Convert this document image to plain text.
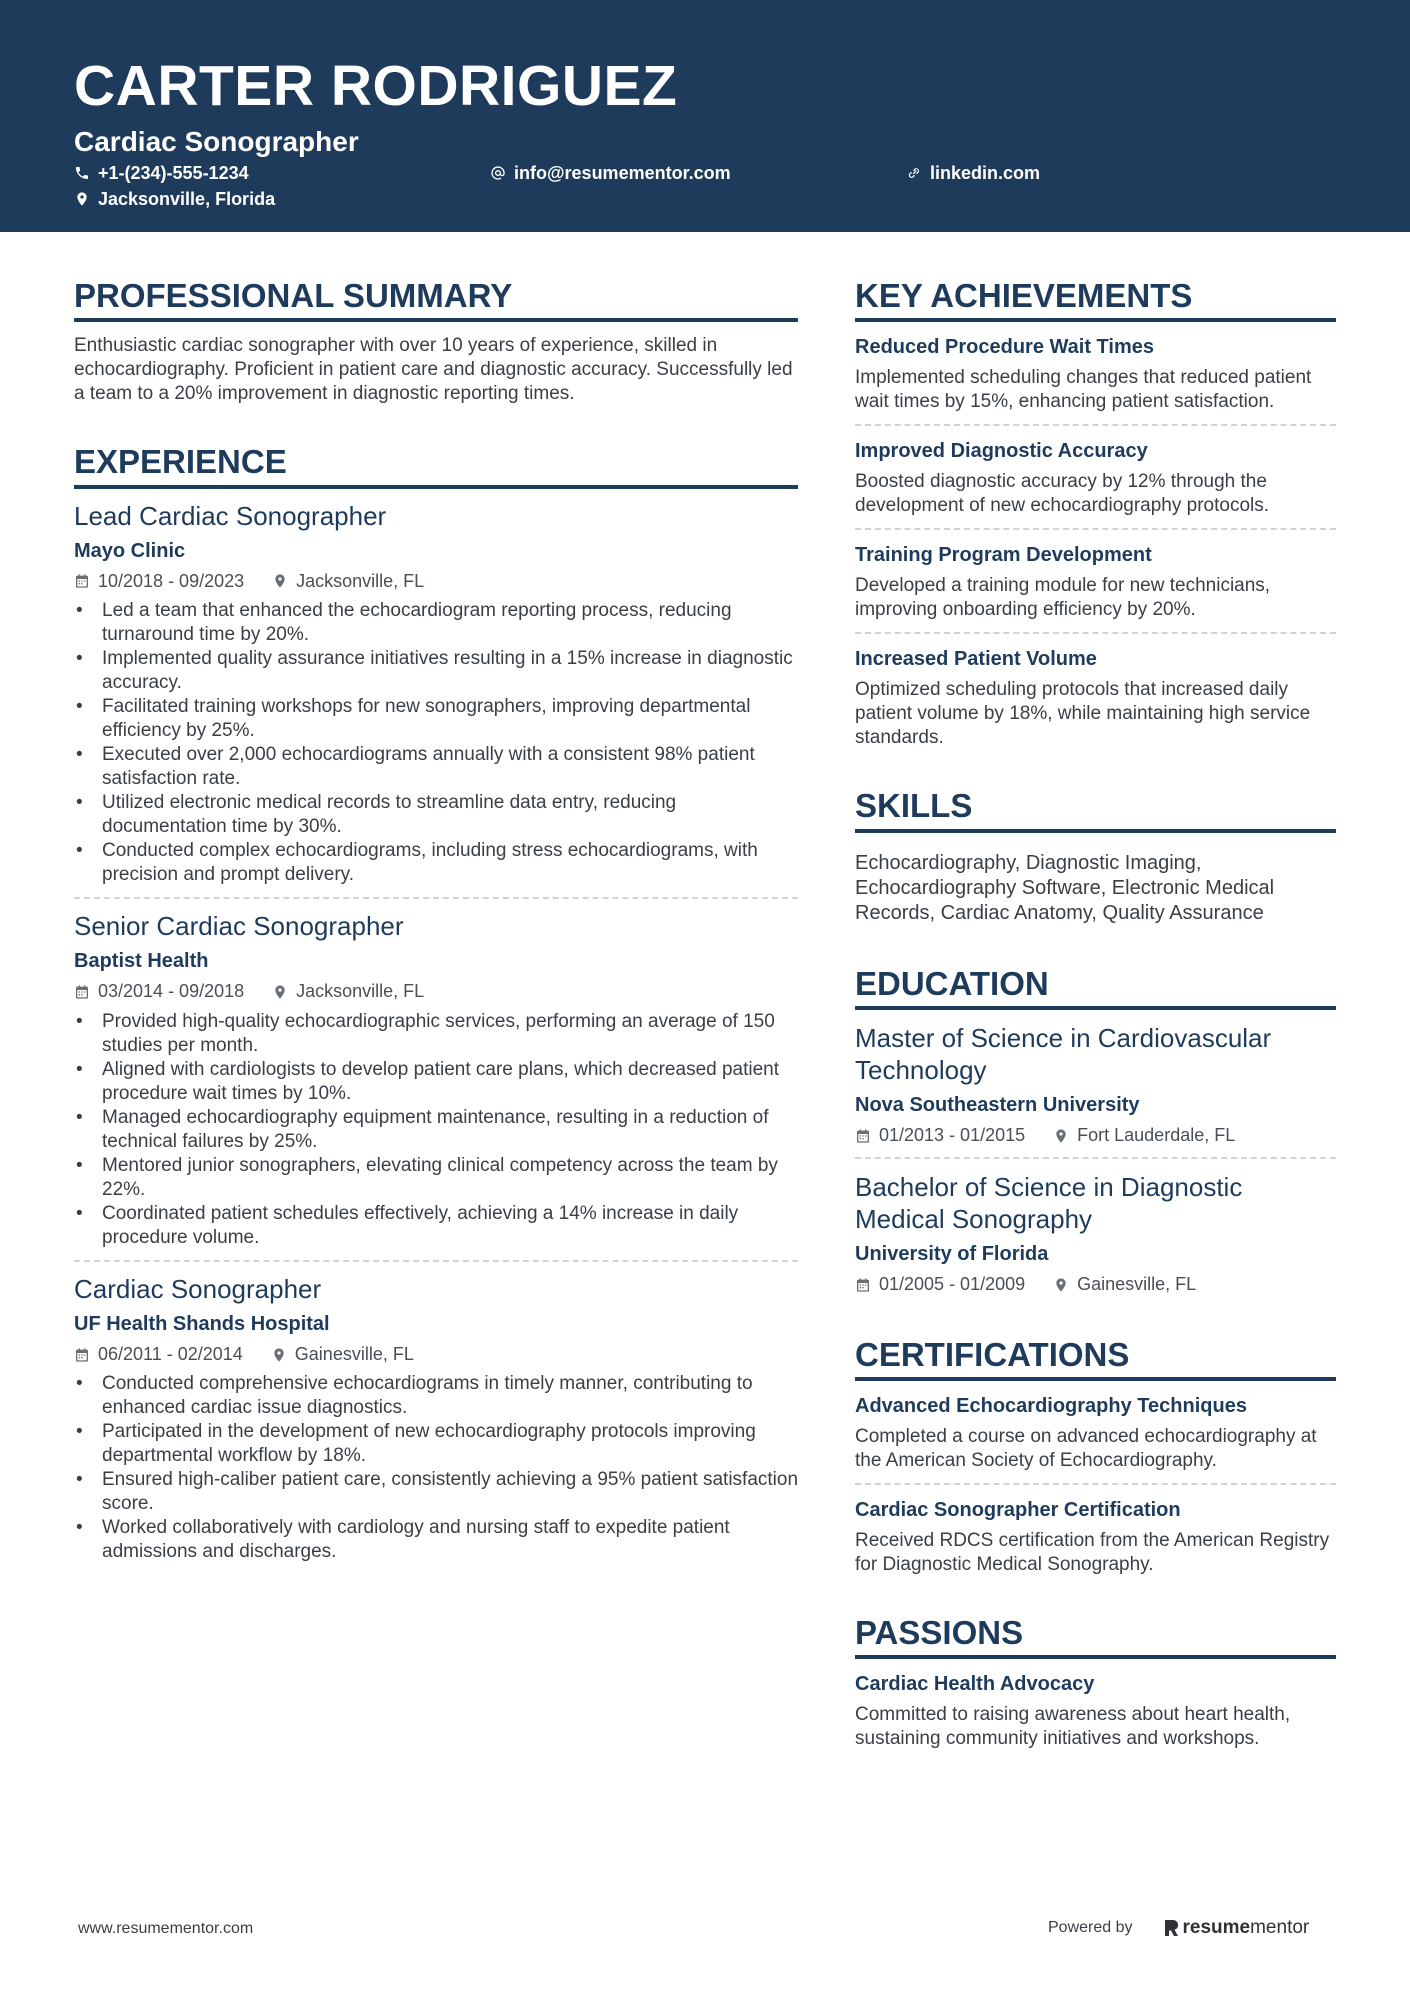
CARTER RODRIGUEZ
Cardiac Sonographer
+1-(234)-555-1234	info@resumementor.com	linkedin.com
Jacksonville, Florida
PROFESSIONAL SUMMARY
Enthusiastic cardiac sonographer with over 10 years of experience, skilled in echocardiography. Proficient in patient care and diagnostic accuracy. Successfully led a team to a 20% improvement in diagnostic reporting times.
EXPERIENCE
Lead Cardiac Sonographer
Mayo Clinic
10/2018 - 09/2023	Jacksonville, FL
• Led a team that enhanced the echocardiogram reporting process, reducing turnaround time by 20%.
• Implemented quality assurance initiatives resulting in a 15% increase in diagnostic accuracy.
• Facilitated training workshops for new sonographers, improving departmental efficiency by 25%.
• Executed over 2,000 echocardiograms annually with a consistent 98% patient satisfaction rate.
• Utilized electronic medical records to streamline data entry, reducing documentation time by 30%.
• Conducted complex echocardiograms, including stress echocardiograms, with precision and prompt delivery.
Senior Cardiac Sonographer
Baptist Health
03/2014 - 09/2018	Jacksonville, FL
• Provided high-quality echocardiographic services, performing an average of 150 studies per month.
• Aligned with cardiologists to develop patient care plans, which decreased patient procedure wait times by 10%.
• Managed echocardiography equipment maintenance, resulting in a reduction of technical failures by 25%.
• Mentored junior sonographers, elevating clinical competency across the team by 22%.
• Coordinated patient schedules effectively, achieving a 14% increase in daily procedure volume.
Cardiac Sonographer
UF Health Shands Hospital
06/2011 - 02/2014	Gainesville, FL
• Conducted comprehensive echocardiograms in timely manner, contributing to enhanced cardiac issue diagnostics.
• Participated in the development of new echocardiography protocols improving departmental workflow by 18%.
• Ensured high-caliber patient care, consistently achieving a 95% patient satisfaction score.
• Worked collaboratively with cardiology and nursing staff to expedite patient admissions and discharges.
KEY ACHIEVEMENTS
Reduced Procedure Wait Times
Implemented scheduling changes that reduced patient wait times by 15%, enhancing patient satisfaction.
Improved Diagnostic Accuracy
Boosted diagnostic accuracy by 12% through the development of new echocardiography protocols.
Training Program Development
Developed a training module for new technicians, improving onboarding efficiency by 20%.
Increased Patient Volume
Optimized scheduling protocols that increased daily patient volume by 18%, while maintaining high service standards.
SKILLS
Echocardiography, Diagnostic Imaging, Echocardiography Software, Electronic Medical Records, Cardiac Anatomy, Quality Assurance
EDUCATION
Master of Science in Cardiovascular Technology
Nova Southeastern University
01/2013 - 01/2015	Fort Lauderdale, FL
Bachelor of Science in Diagnostic Medical Sonography
University of Florida
01/2005 - 01/2009	Gainesville, FL
CERTIFICATIONS
Advanced Echocardiography Techniques
Completed a course on advanced echocardiography at the American Society of Echocardiography.
Cardiac Sonographer Certification
Received RDCS certification from the American Registry for Diagnostic Medical Sonography.
PASSIONS
Cardiac Health Advocacy
Committed to raising awareness about heart health, sustaining community initiatives and workshops.
www.resumementor.com	Powered by	resume mentor
